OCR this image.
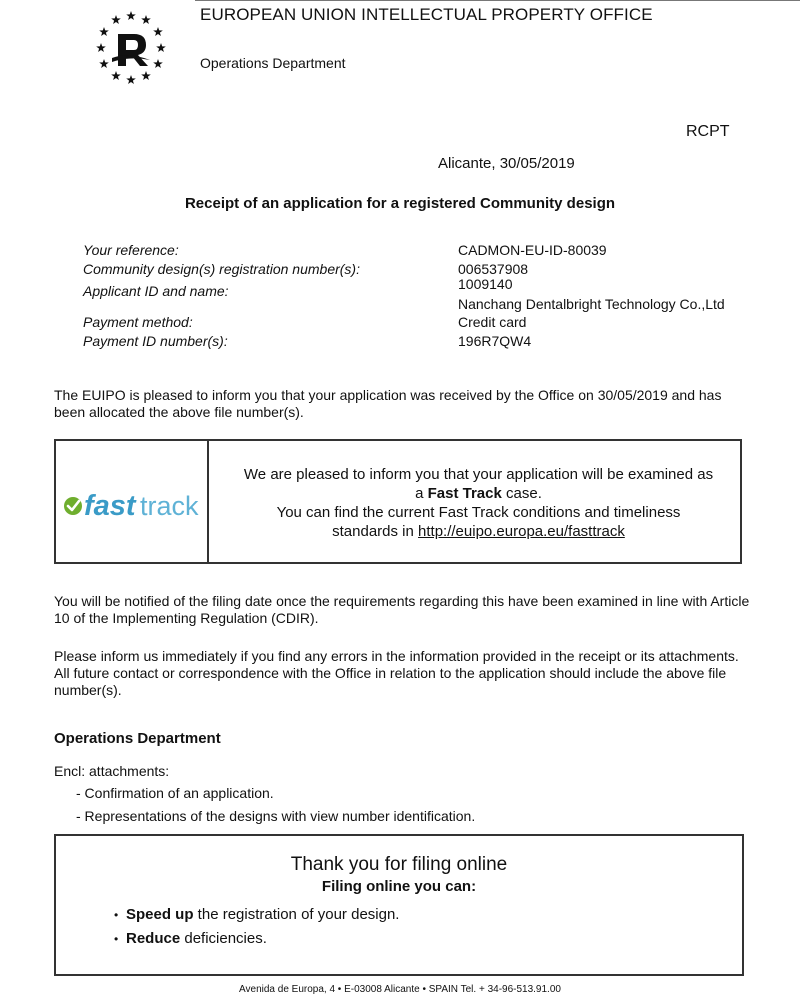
EUROPEAN UNION INTELLECTUAL PROPERTY OFFICE
Operations Department
RCPT
Alicante, 30/05/2019
Receipt of an application for a registered Community design
Your reference:	CADMON-EU-ID-80039
Community design(s) registration number(s):	006537908
Applicant ID and name:	1009140
Nanchang Dentalbright Technology Co.,Ltd
Payment method:	Credit card
Payment ID number(s):	196R7QW4
The EUIPO is pleased to inform you that your application was received by the Office on 30/05/2019 and has been allocated the above file number(s).
fast track
We are pleased to inform you that your application will be examined as
a Fast Track case.
You can find the current Fast Track conditions and timeliness
standards in http://euipo.europa.eu/fasttrack
You will be notified of the filing date once the requirements regarding this have been examined in line with Article 10 of the Implementing Regulation (CDIR).
Please inform us immediately if you find any errors in the information provided in the receipt or its attachments. All future contact or correspondence with the Office in relation to the application should include the above file number(s).
Operations Department
Encl: attachments:
- Confirmation of an application.
- Representations of the designs with view number identification.
Thank you for filing online
Filing online you can:
• Speed up the registration of your design.
• Reduce deficiencies.
Avenida de Europa, 4 • E-03008 Alicante • SPAIN Tel. + 34-96-513.91.00
